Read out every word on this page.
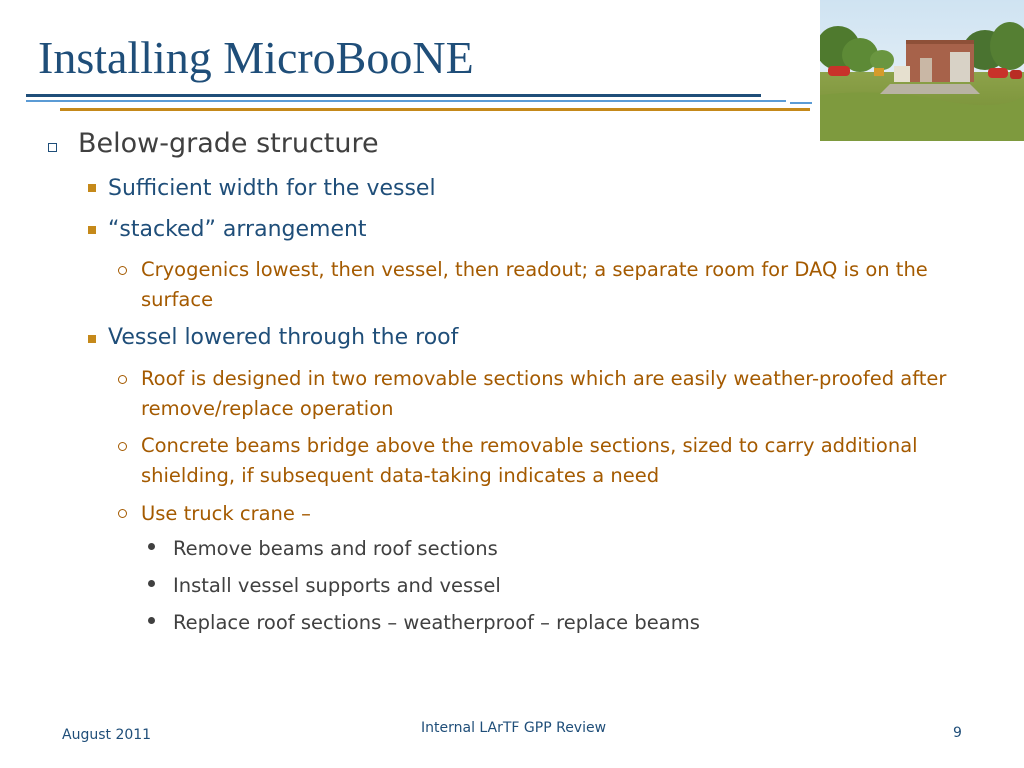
Installing MicroBooNE
Below-grade structure
Sufficient width for the vessel
“stacked” arrangement
Cryogenics lowest, then vessel, then readout; a separate room for DAQ is on the surface
Vessel lowered through the roof
Roof is designed in two removable sections which are easily weather-proofed after remove/replace operation
Concrete beams bridge above the removable sections, sized to carry additional shielding, if subsequent data-taking indicates a need
Use truck crane –
Remove beams and roof sections
Install vessel supports and vessel
Replace roof sections – weatherproof – replace beams
August 2011	Internal LArTF GPP Review	9
